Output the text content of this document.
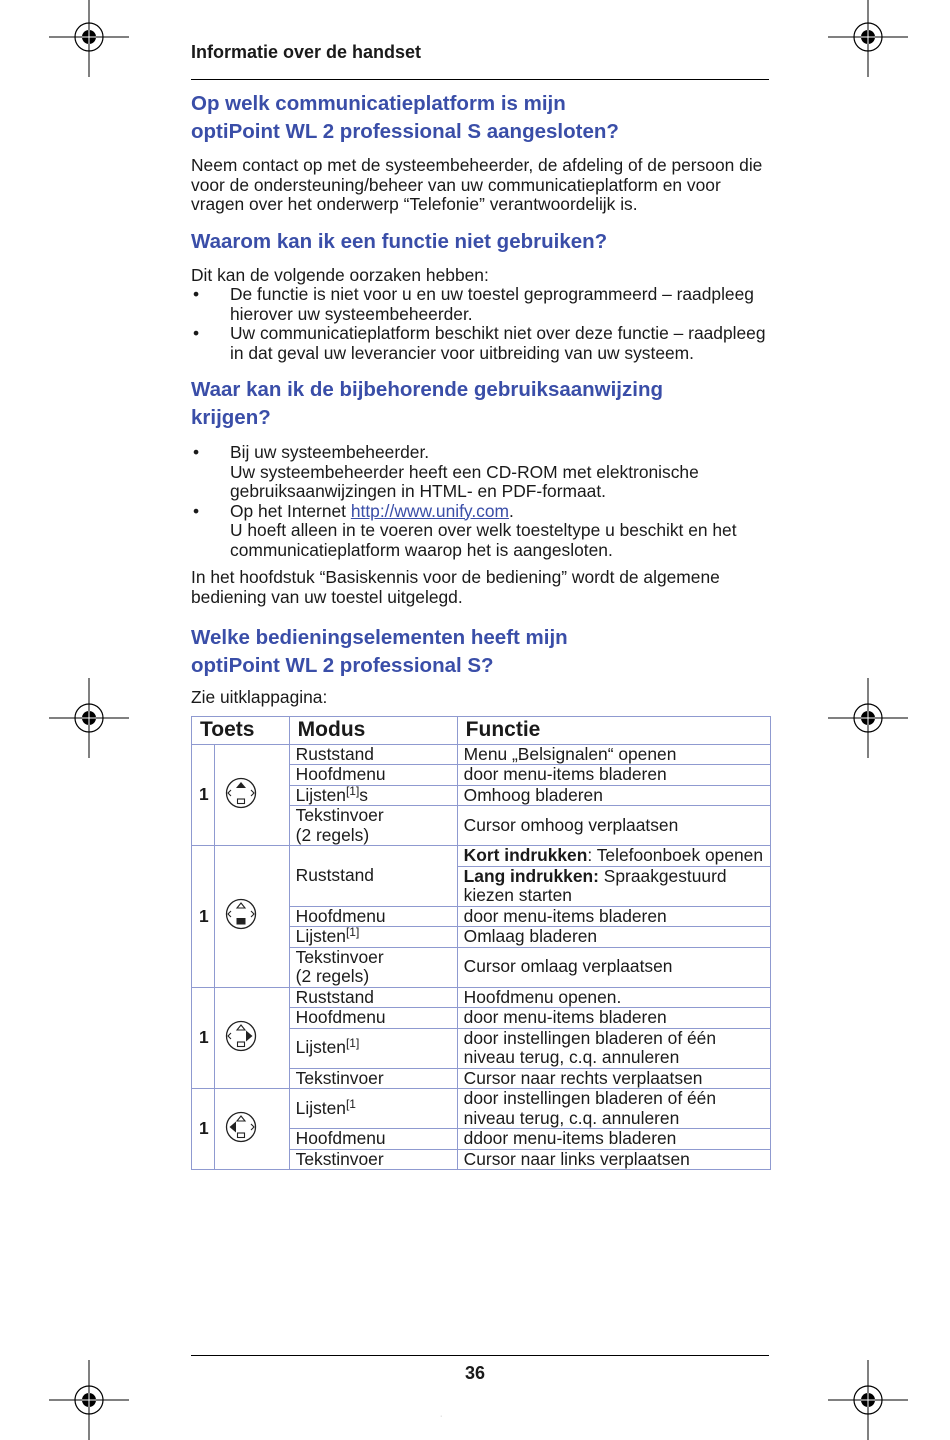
Informatie over de handset
Op welk communicatieplatform is mijn
optiPoint WL 2 professional S aangesloten?

Neem contact op met de systeembeheerder, de afdeling of de persoon die voor de ondersteuning/beheer van uw communicatieplatform en voor vragen over het onderwerp “Telefonie” verantwoordelijk is.

Waarom kan ik een functie niet gebruiken?

Dit kan de volgende oorzaken hebben:

• De functie is niet voor u en uw toestel geprogrammeerd – raadpleeg hierover uw systeembeheerder.
• Uw communicatieplatform beschikt niet over deze functie – raadpleeg in dat geval uw leverancier voor uitbreiding van uw systeem.
Waar kan ik de bijbehorende gebruiksaanwijzing
krijgen?
• Bij uw systeembeheerder.
Uw systeembeheerder heeft een CD-ROM met elektronische gebruiksaanwijzingen in HTML- en PDF-formaat.
• Op het Internet http://www.unify.com.
U hoeft alleen in te voeren over welk toesteltype u beschikt en het communicatieplatform waarop het is aangesloten.

In het hoofdstuk “Basiskennis voor de bediening” wordt de algemene bediening van uw toestel uitgelegd.

Welke bedieningselementen heeft mijn
optiPoint WL 2 professional S?

Zie uitklappagina:

Toets		Modus	Functie
1		Ruststand	Menu „Belsignalen“ openen
		Hoofdmenu	door menu-items bladeren
		Lijsten[1]s	Omhoog bladeren
		Tekstinvoer
(2 regels)	Cursor omhoog verplaatsen
1		Ruststand	Kort indrukken: Telefoonboek openen
			Lang indrukken: Spraakgestuurd kiezen starten
		Hoofdmenu	door menu-items bladeren
		Lijsten[1]	Omlaag bladeren
		Tekstinvoer
(2 regels)	Cursor omlaag verplaatsen
1		Ruststand	Hoofdmenu openen.
		Hoofdmenu	door menu-items bladeren
		Lijsten[1]	door instellingen bladeren of één niveau terug, c.q. annuleren
		Tekstinvoer	Cursor naar rechts verplaatsen
1		Lijsten$^{[1}$	door instellingen bladeren of één niveau terug, c.q. annuleren
		Hoofdmenu	ddoor menu-items bladeren
		Tekstinvoer	Cursor naar links verplaatsen
36
·
